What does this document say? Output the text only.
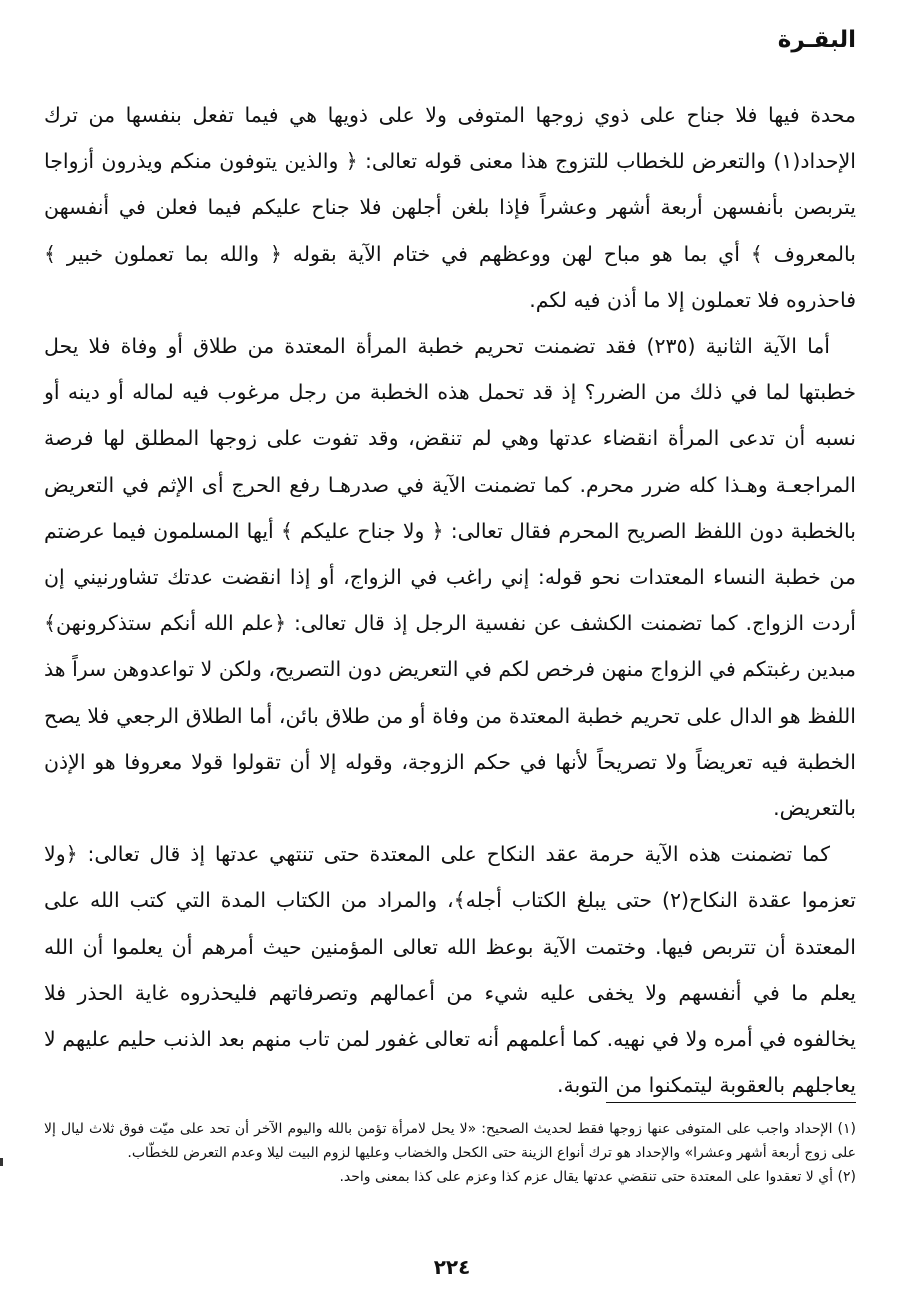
البقـرة

محدة فيها فلا جناح على ذوي زوجها المتوفى ولا على ذويها هي فيما تفعل بنفسها من ترك الإحداد(١) والتعرض للخطاب للتزوج هذا معنى قوله تعالى: ﴿ والذين يتوفون منكم ويذرون أزواجا يتربصن بأنفسهن أربعة أشهر وعشراً فإذا بلغن أجلهن فلا جناح عليكم فيما فعلن في أنفسهن بالمعروف ﴾ أي بما هو مباح لهن ووعظهم في ختام الآية بقوله ﴿ والله بما تعملون خبير ﴾ فاحذروه فلا تعملون إلا ما أذن فيه لكم.

أما الآية الثانية (٢٣٥) فقد تضمنت تحريم خطبة المرأة المعتدة من طلاق أو وفاة فلا يحل خطبتها لما في ذلك من الضرر؟ إذ قد تحمل هذه الخطبة من رجل مرغوب فيه لماله أو دينه أو نسبه أن تدعى المرأة انقضاء عدتها وهي لم تنقض، وقد تفوت على زوجها المطلق لها فرصة المراجعـة وهـذا كله ضرر محرم. كما تضمنت الآية في صدرهـا رفع الحرج أى الإثم في التعريض بالخطبة دون اللفظ الصريح المحرم فقال تعالى: ﴿ ولا جناح عليكم ﴾ أيها المسلمون فيما عرضتم من خطبة النساء المعتدات نحو قوله: إني راغب في الزواج، أو إذا انقضت عدتك تشاورنيني إن أردت الزواج. كما تضمنت الكشف عن نفسية الرجل إذ قال تعالى: ﴿علم الله أنكم ستذكرونهن﴾ مبدين رغبتكم في الزواج منهن فرخص لكم في التعريض دون التصريح، ولكن لا تواعدوهن سراً هذ اللفظ هو الدال على تحريم خطبة المعتدة من وفاة أو من طلاق بائن، أما الطلاق الرجعي فلا يصح الخطبة فيه تعريضاً ولا تصريحاً لأنها في حكم الزوجة، وقوله إلا أن تقولوا قولا معروفا هو الإذن بالتعريض.

كما تضمنت هذه الآية حرمة عقد النكاح على المعتدة حتى تنتهي عدتها إذ قال تعالى: ﴿ولا تعزموا عقدة النكاح(٢) حتى يبلغ الكتاب أجله﴾، والمراد من الكتاب المدة التي كتب الله على المعتدة أن تتربص فيها. وختمت الآية بوعظ الله تعالى المؤمنين حيث أمرهم أن يعلموا أن الله يعلم ما في أنفسهم ولا يخفى عليه شيء من أعمالهم وتصرفاتهم فليحذروه غاية الحذر فلا يخالفوه في أمره ولا في نهيه. كما أعلمهم أنه تعالى غفور لمن تاب منهم بعد الذنب حليم عليهم لا يعاجلهم بالعقوبة ليتمكنوا من التوبة.

(١) الإحداد واجب على المتوفى عنها زوجها فقط لحديث الصحيح: «لا يحل لامرأة تؤمن بالله واليوم الآخر أن تحد على ميّت فوق ثلاث ليال إلا على زوج أربعة أشهر وعشرا» والإحداد هو ترك أنواع الزينة حتى الكحل والخضاب وعليها لزوم البيت ليلا وعدم التعرض للخطّاب.

(٢) أي لا تعقدوا على المعتدة حتى تنقضي عدتها يقال عزم كذا وعزم على كذا بمعنى واحد.

٢٢٤
